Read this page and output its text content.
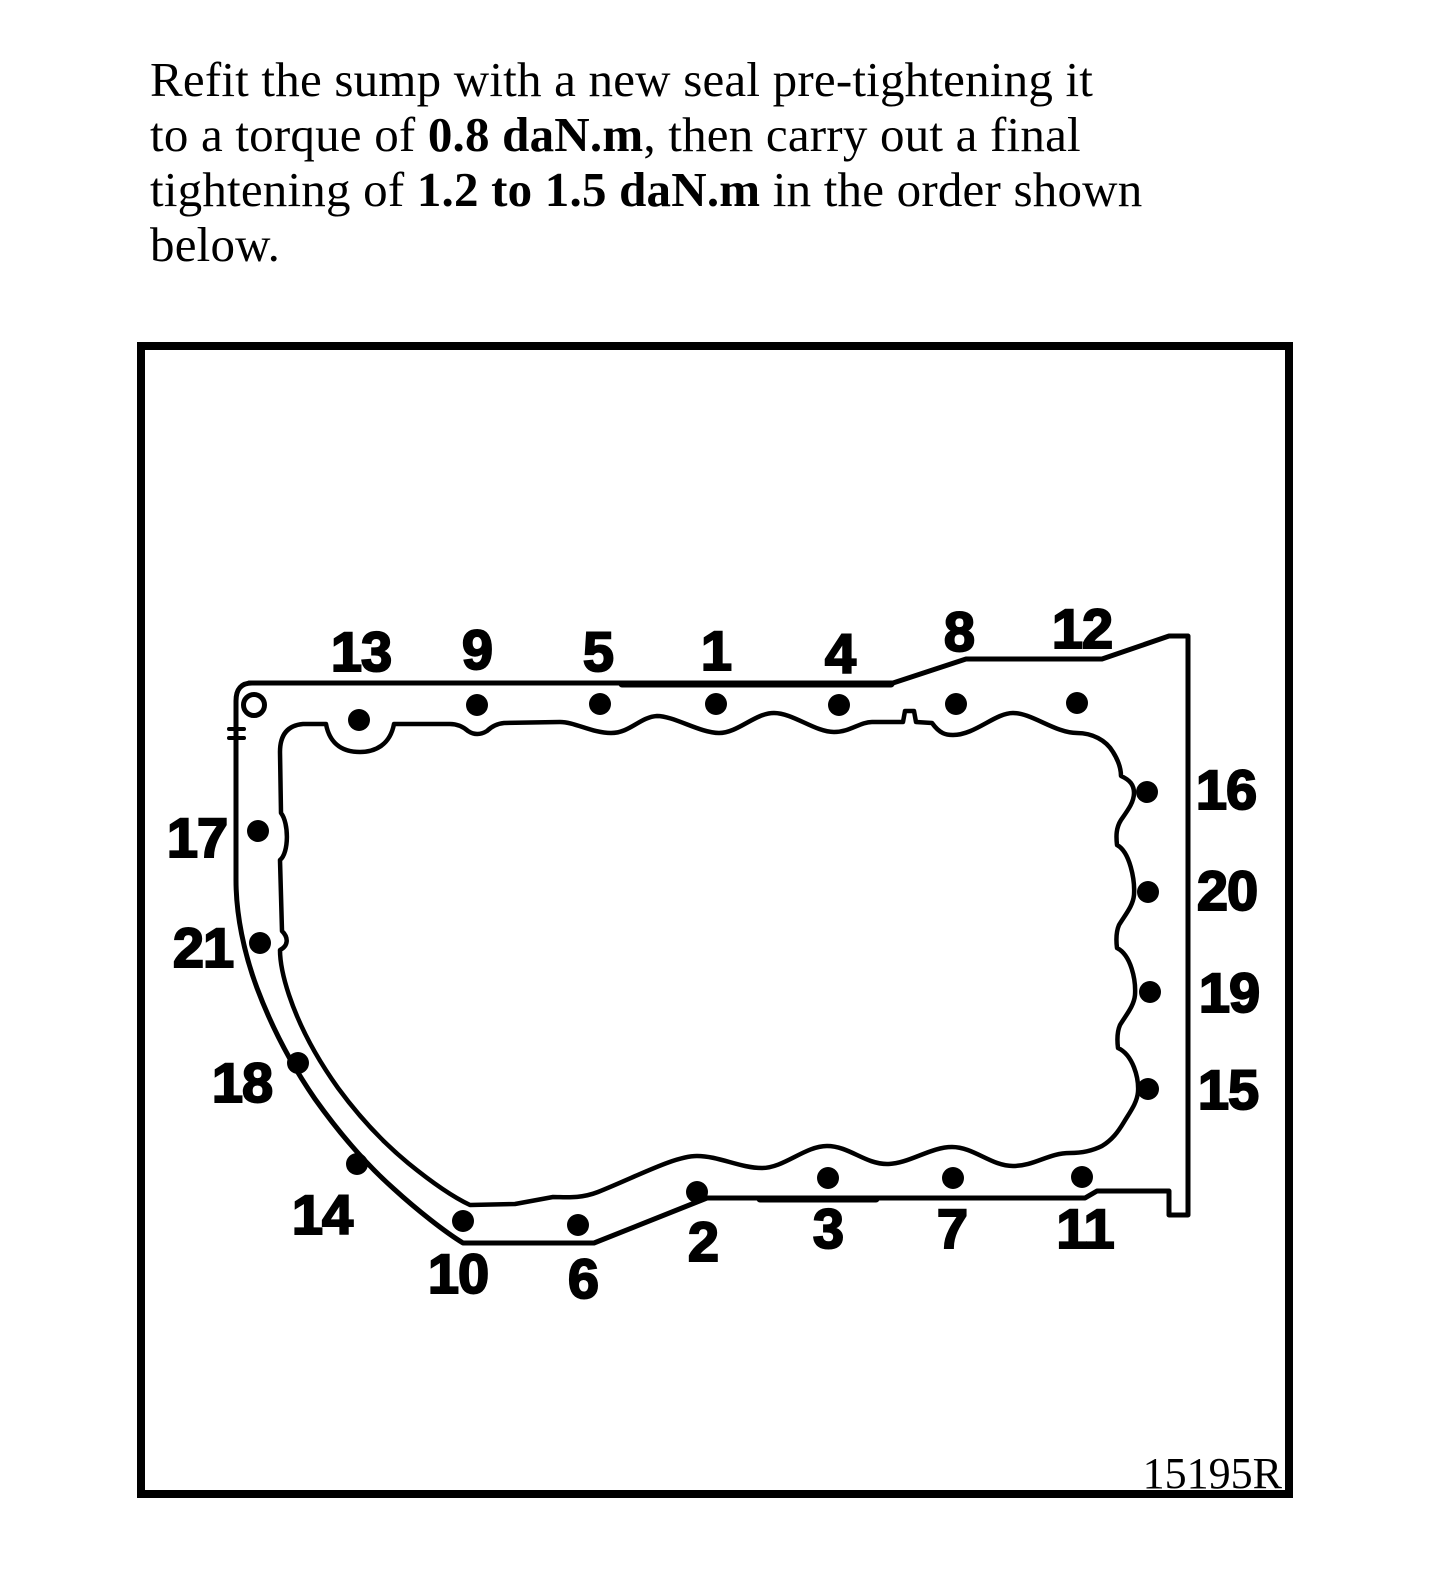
Refit the sump with a new seal pre-tightening it
to a torque of 0.8 daN.m, then carry out a final
tightening of 1.2 to 1.5 daN.m in the order shown
below.
1
2 3
4
5
6
7
8
9
10
11
12
13
14
15
16
17
18
19
20
21
15195R
